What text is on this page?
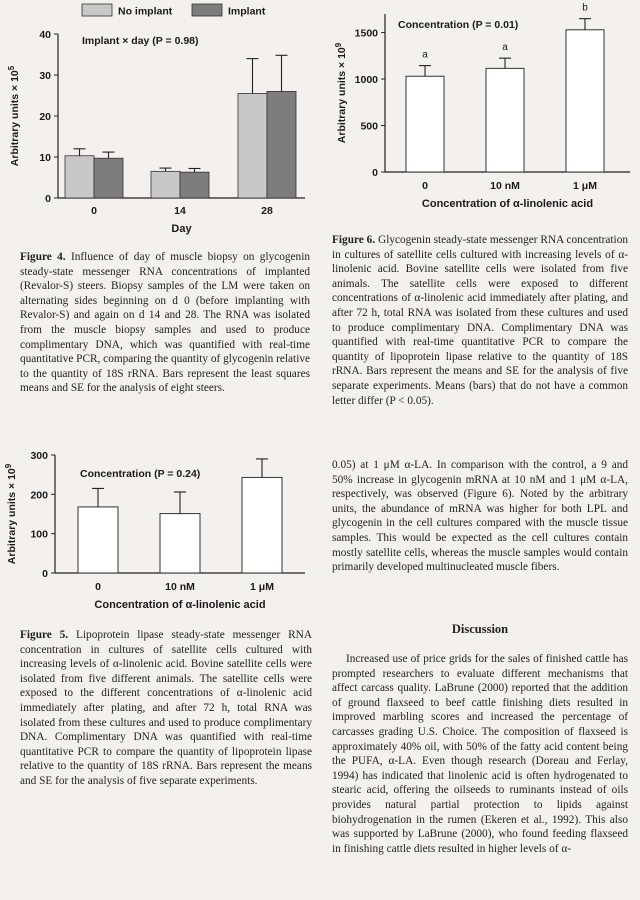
0
10
20
30
40
0	14	28
Day
Arbitrary units × $10^5$
No implant	Implant
Implant × day (P = 0.98)
Figure 4. Influence of day of muscle biopsy on glycogenin steady-state messenger RNA concentrations of implanted (Revalor-S) steers. Biopsy samples of the LM were taken on alternating sides beginning on d 0 (before implanting with Revalor-S) and again on d 14 and 28. The RNA was isolated from the muscle biopsy samples and used to produce complimentary DNA, which was quantified with real-time quantitative PCR, comparing the quantity of glycogenin relative to the quantity of 18S rRNA. Bars represent the least squares means and SE for the analysis of eight steers.
0
500
1000
1500
a
0
a
10 nM
b
1 μM
Concentration of α-linolenic acid
Arbitrary units × $10^9$
Concentration (P = 0.01)
Figure 6. Glycogenin steady-state messenger RNA concentration in cultures of satellite cells cultured with increasing levels of α-linolenic acid. Bovine satellite cells were isolated from five animals. The satellite cells were exposed to different concentrations of α-linolenic acid immediately after plating, and after 72 h, total RNA was isolated from these cultures and used to produce complimentary DNA. Complimentary DNA was quantified with real-time quantitative PCR to compare the quantity of lipoprotein lipase relative to the quantity of 18S rRNA. Bars represent the means and SE for the analysis of five separate experiments. Means (bars) that do not have a common letter differ (P < 0.05).
0
100
200
300
0	10 nM	1 μM
Concentration of α-linolenic acid
Arbitrary units × $10^9$
Concentration (P = 0.24)
Figure 5. Lipoprotein lipase steady-state messenger RNA concentration in cultures of satellite cells cultured with increasing levels of α-linolenic acid. Bovine satellite cells were isolated from five different animals. The satellite cells were exposed to the different concentrations of α-linolenic acid immediately after plating, and after 72 h, total RNA was isolated from these cultures and used to produce complimentary DNA. Complimentary DNA was quantified with real-time quantitative PCR to compare the quantity of lipoprotein lipase relative to the quantity of 18S rRNA. Bars represent the means and SE for the analysis of five separate experiments.
0.05) at 1 μM α-LA. In comparison with the control, a 9 and 50% increase in glycogenin mRNA at 10 nM and 1 μM α-LA, respectively, was observed (Figure 6). Noted by the arbitrary units, the abundance of mRNA was higher for both LPL and glycogenin in the cell cultures compared with the muscle tissue samples. This would be expected as the cell cultures contain mostly satellite cells, whereas the muscle samples would contain primarily developed multinucleated muscle fibers.
Discussion
Increased use of price grids for the sales of finished cattle has prompted researchers to evaluate different mechanisms that affect carcass quality. LaBrune (2000) reported that the addition of ground flaxseed to beef cattle finishing diets resulted in improved marbling scores and increased the percentage of carcasses grading U.S. Choice. The composition of flaxseed is approximately 40% oil, with 50% of the fatty acid content being the PUFA, α-LA. Even though research (Doreau and Ferlay, 1994) has indicated that linolenic acid is often hydrogenated to stearic acid, offering the oilseeds to ruminants instead of oils provides natural partial protection to lipids against biohydrogenation in the rumen (Ekeren et al., 1992). This also was supported by LaBrune (2000), who found feeding flaxseed in finishing cattle diets resulted in higher levels of α-
